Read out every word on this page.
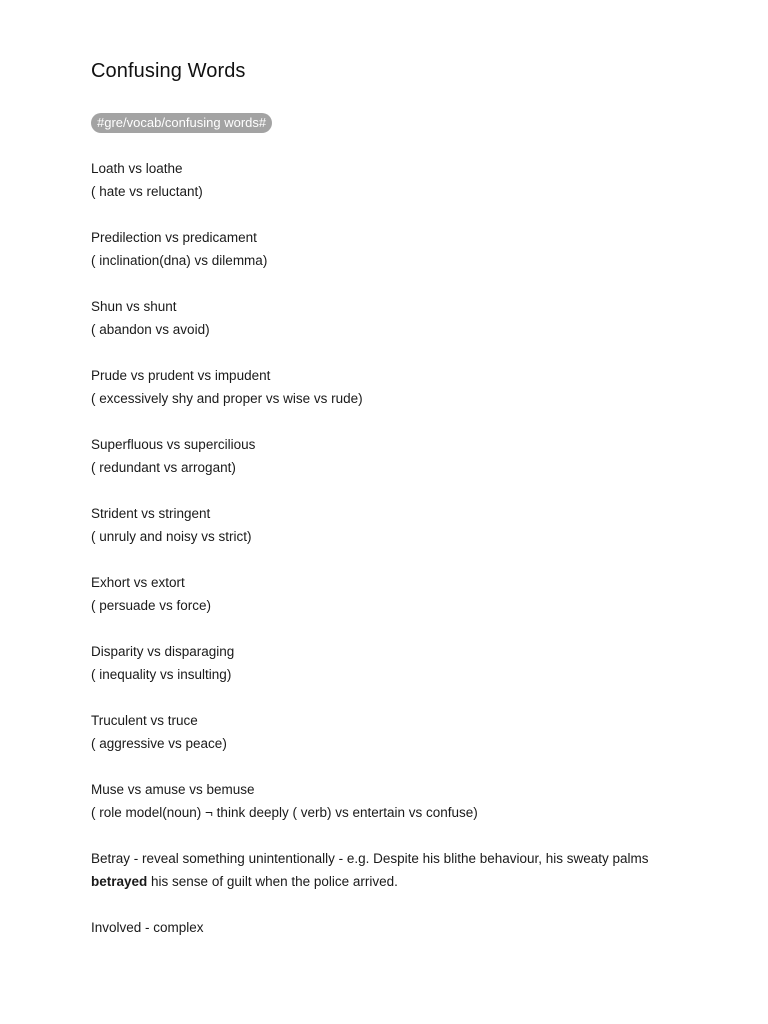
Confusing Words
#gre/vocab/confusing words#
Loath vs loathe
( hate vs reluctant)
Predilection vs predicament
( inclination(dna) vs dilemma)
Shun vs shunt
( abandon vs avoid)
Prude vs prudent vs impudent
( excessively shy and proper vs wise vs rude)
Superfluous vs supercilious
( redundant vs arrogant)
Strident vs stringent
( unruly and noisy vs strict)
Exhort vs extort
( persuade vs force)
Disparity vs disparaging
( inequality vs insulting)
Truculent vs truce
( aggressive vs peace)
Muse vs amuse vs bemuse
( role model(noun) ¬ think deeply ( verb) vs entertain vs confuse)
Betray - reveal something unintentionally - e.g. Despite his blithe behaviour, his sweaty palms betrayed his sense of guilt when the police arrived.
Involved - complex
